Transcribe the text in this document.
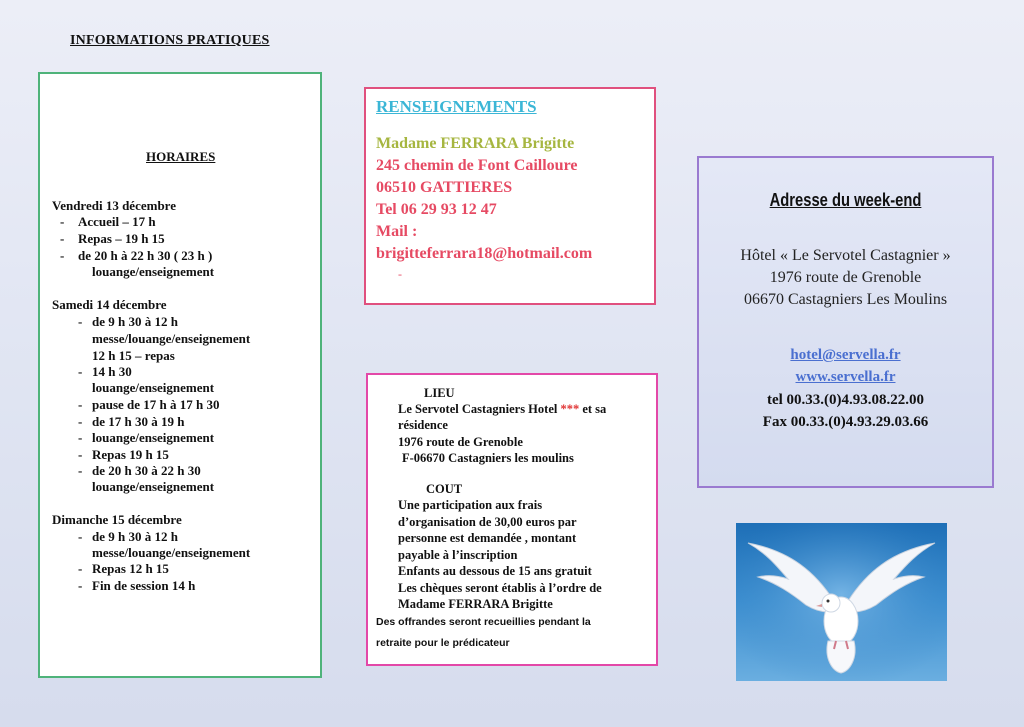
INFORMATIONS PRATIQUES
HORAIRES
Vendredi 13 décembre
- Accueil – 17 h
- Repas – 19 h 15
- de 20 h à 22 h 30 ( 23 h )
louange/enseignement
Samedi 14 décembre
- de 9 h 30 à 12 h
messe/louange/enseignement
12 h 15 – repas
- 14 h 30
louange/enseignement
- pause de 17 h à 17 h 30
- de 17 h 30 à 19 h
- louange/enseignement
- Repas 19 h 15
- de 20 h 30 à 22 h 30
louange/enseignement
Dimanche 15 décembre
- de 9 h 30 à 12 h
messe/louange/enseignement
- Repas 12 h 15
- Fin de session 14 h
RENSEIGNEMENTS
Madame FERRARA Brigitte
245 chemin de Font Cailloure
06510 GATTIERES
Tel 06 29 93 12 47
Mail :
brigitteferrara18@hotmail.com
-
LIEU
Le Servotel Castagniers Hotel *** et sa
résidence
1976 route de Grenoble
F-06670 Castagniers les moulins
COUT
Une participation aux frais
d’organisation de 30,00 euros par
personne est demandée , montant
payable à l’inscription
Enfants au dessous de 15 ans gratuit
Les chèques seront établis à l’ordre de
Madame FERRARA Brigitte
Des offrandes seront recueillies pendant la
retraite pour le prédicateur
Adresse du week-end
Hôtel « Le Servotel Castagnier »
1976 route de Grenoble
06670 Castagniers Les Moulins
hotel@servella.fr
www.servella.fr
tel 00.33.(0)4.93.08.22.00
Fax 00.33.(0)4.93.29.03.66
